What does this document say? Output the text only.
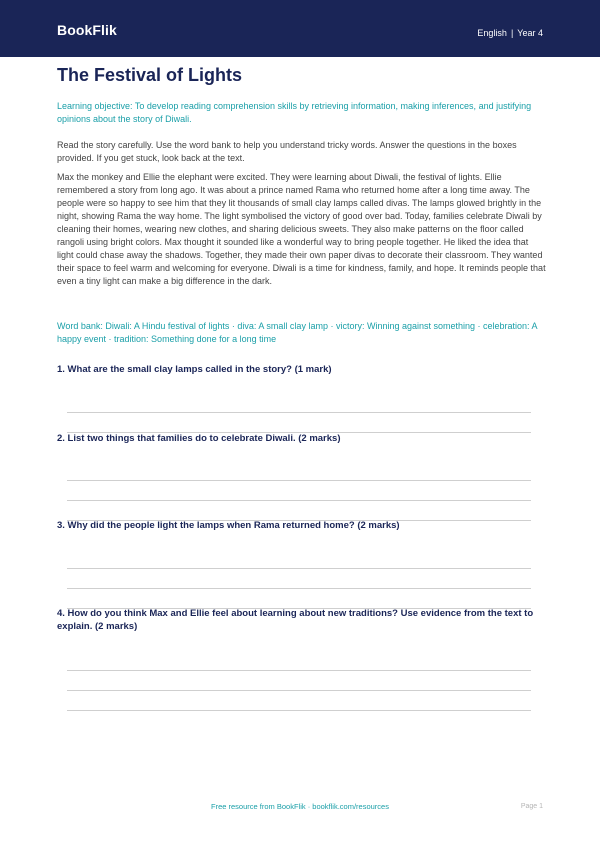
BookFlik	English | Year 4
The Festival of Lights
Learning objective: To develop reading comprehension skills by retrieving information, making inferences, and justifying opinions about the story of Diwali.
Read the story carefully. Use the word bank to help you understand tricky words. Answer the questions in the boxes provided. If you get stuck, look back at the text.
Max the monkey and Ellie the elephant were excited. They were learning about Diwali, the festival of lights. Ellie remembered a story from long ago. It was about a prince named Rama who returned home after a long time away. The people were so happy to see him that they lit thousands of small clay lamps called divas. The lamps glowed brightly in the night, showing Rama the way home. The light symbolised the victory of good over bad. Today, families celebrate Diwali by cleaning their homes, wearing new clothes, and sharing delicious sweets. They also make patterns on the floor called rangoli using bright colors. Max thought it sounded like a wonderful way to bring people together. He liked the idea that light could chase away the shadows. Together, they made their own paper divas to decorate their classroom. They wanted their space to feel warm and welcoming for everyone. Diwali is a time for kindness, family, and hope. It reminds people that even a tiny light can make a big difference in the dark.
Word bank: Diwali: A Hindu festival of lights · diva: A small clay lamp · victory: Winning against something · celebration: A happy event · tradition: Something done for a long time
1. What are the small clay lamps called in the story? (1 mark)
2. List two things that families do to celebrate Diwali. (2 marks)
3. Why did the people light the lamps when Rama returned home? (2 marks)
4. How do you think Max and Ellie feel about learning about new traditions? Use evidence from the text to explain. (2 marks)
Free resource from BookFlik · bookflik.com/resources	Page 1
